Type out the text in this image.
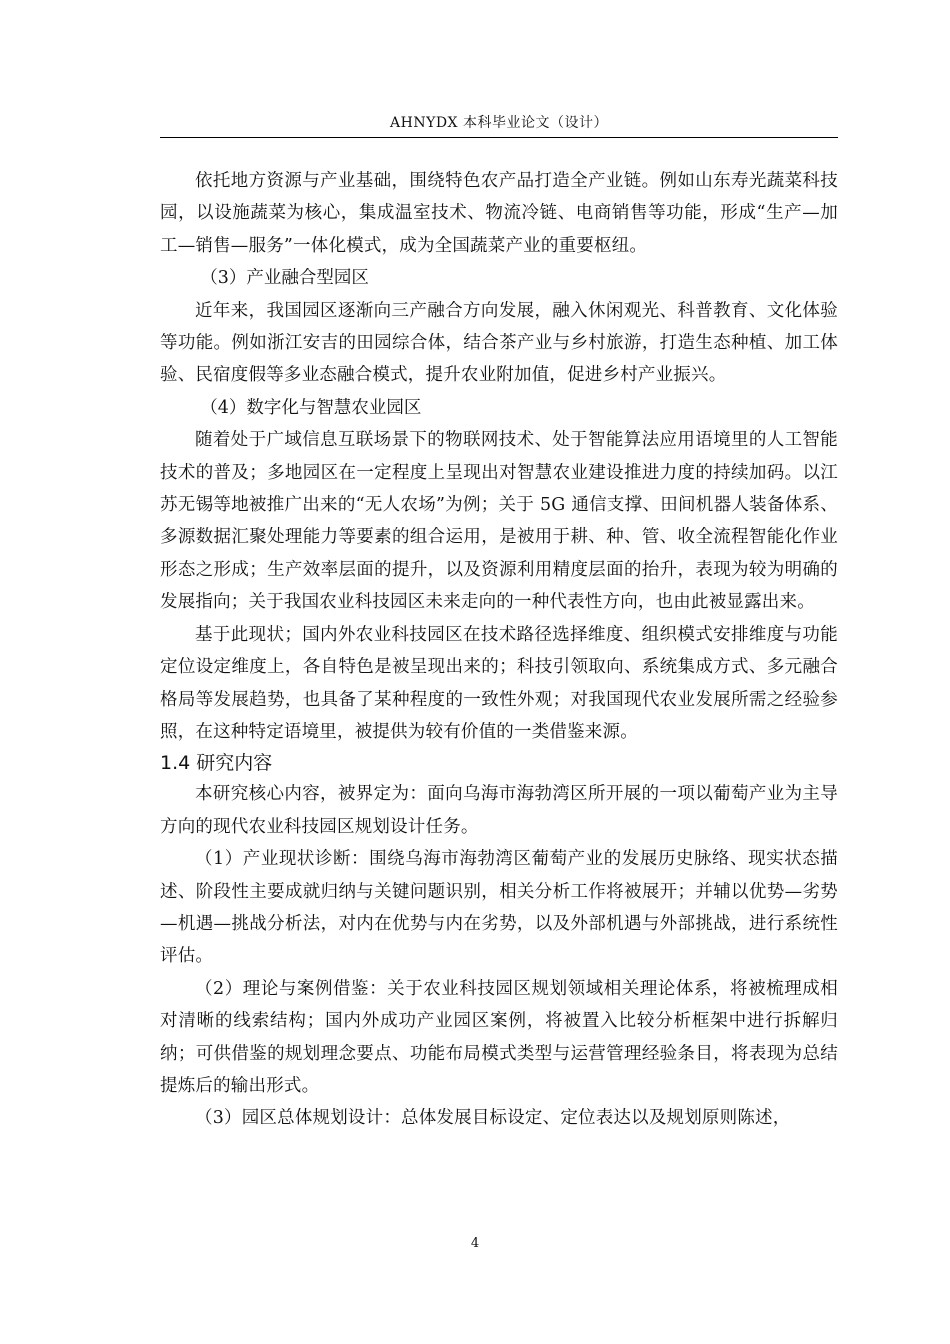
AHNYDX 本科毕业论文（设计）

依托地方资源与产业基础，围绕特色农产品打造全产业链。例如山东寿光蔬菜科技园，以设施蔬菜为核心，集成温室技术、物流冷链、电商销售等功能，形成“生产—加工—销售—服务”一体化模式，成为全国蔬菜产业的重要枢纽。

（3）产业融合型园区

近年来，我国园区逐渐向三产融合方向发展，融入休闲观光、科普教育、文化体验等功能。例如浙江安吉的田园综合体，结合茶产业与乡村旅游，打造生态种植、加工体验、民宿度假等多业态融合模式，提升农业附加值，促进乡村产业振兴。

（4）数字化与智慧农业园区

随着处于广域信息互联场景下的物联网技术、处于智能算法应用语境里的人工智能技术的普及；多地园区在一定程度上呈现出对智慧农业建设推进力度的持续加码。以江苏无锡等地被推广出来的“无人农场”为例；关于 5G 通信支撑、田间机器人装备体系、多源数据汇聚处理能力等要素的组合运用，是被用于耕、种、管、收全流程智能化作业形态之形成；生产效率层面的提升，以及资源利用精度层面的抬升，表现为较为明确的发展指向；关于我国农业科技园区未来走向的一种代表性方向，也由此被显露出来。

基于此现状；国内外农业科技园区在技术路径选择维度、组织模式安排维度与功能定位设定维度上，各自特色是被呈现出来的；科技引领取向、系统集成方式、多元融合格局等发展趋势，也具备了某种程度的一致性外观；对我国现代农业发展所需之经验参照，在这种特定语境里，被提供为较有价值的一类借鉴来源。

1.4 研究内容

本研究核心内容，被界定为：面向乌海市海勃湾区所开展的一项以葡萄产业为主导方向的现代农业科技园区规划设计任务。

（1）产业现状诊断：围绕乌海市海勃湾区葡萄产业的发展历史脉络、现实状态描述、阶段性主要成就归纳与关键问题识别，相关分析工作将被展开；并辅以优势—劣势—机遇—挑战分析法，对内在优势与内在劣势，以及外部机遇与外部挑战，进行系统性评估。

（2）理论与案例借鉴：关于农业科技园区规划领域相关理论体系，将被梳理成相对清晰的线索结构；国内外成功产业园区案例，将被置入比较分析框架中进行拆解归纳；可供借鉴的规划理念要点、功能布局模式类型与运营管理经验条目，将表现为总结提炼后的输出形式。

（3）园区总体规划设计：总体发展目标设定、定位表达以及规划原则陈述，

4
